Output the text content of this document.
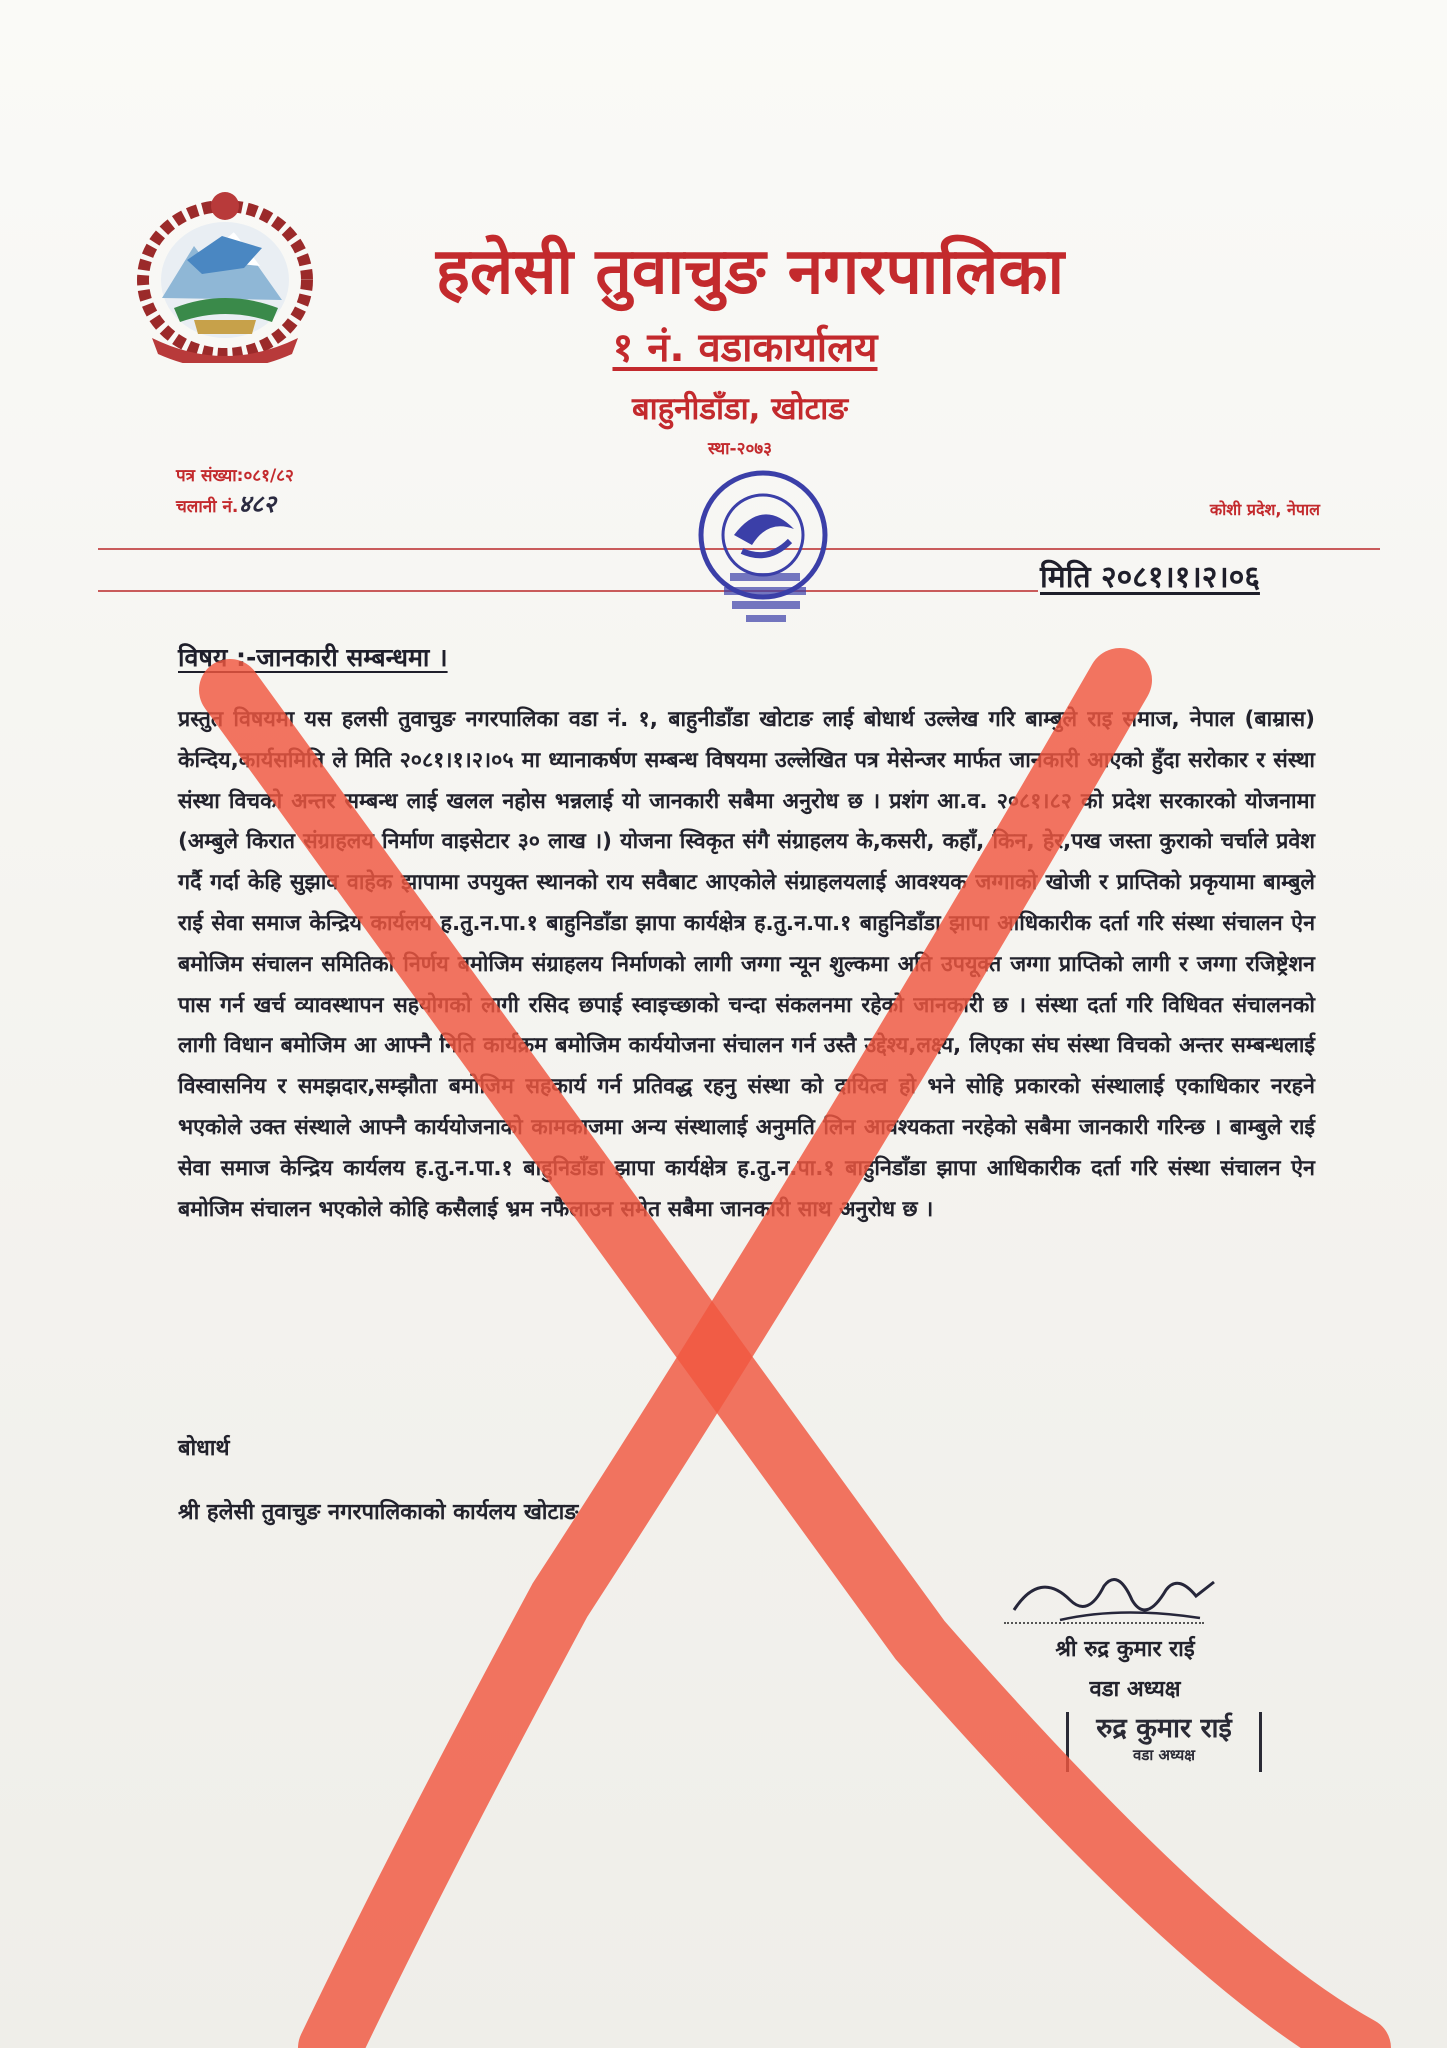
हलेसी तुवाचुङ नगरपालिका
१ नं. वडाकार्यालय
बाहुनीडाँडा, खोटाङ
स्था-२०७३
पत्र संख्या:०८१/८२
चलानी नं.४८२	कोशी प्रदेश, नेपाल
मिति २०८१।१।२।०६
विषय :-जानकारी सम्बन्धमा ।

प्रस्तुत विषयमा यस हलसी तुवाचुङ नगरपालिका वडा नं. १, बाहुनीडाँडा खोटाङ लाई बोधार्थ उल्लेख गरि बाम्बुले राइ समाज, नेपाल (बाम्रास) केन्दिय,कार्यसमिति ले मिति २०८१।१।२।०५ मा ध्यानाकर्षण सम्बन्ध विषयमा उल्लेखित पत्र मेसेन्जर मार्फत जानकारी आएको हुँदा सरोकार र संस्था संस्था विचको अन्तर सम्बन्ध लाई खलल नहोस भन्नलाई यो जानकारी सबैमा अनुरोध छ । प्रशंग आ.व. २०८१।८२ को प्रदेश सरकारको योजनामा (अम्बुले किरात संग्राहलय निर्माण वाइसेटार ३० लाख ।) योजना स्विकृत संगै संग्राहलय के,कसरी, कहाँ, किन, हेर,पख जस्ता कुराको चर्चाले प्रवेश गर्दै गर्दा केहि सुझाव वाहेक झापामा उपयुक्त स्थानको राय सवैबाट आएकोले संग्राहलयलाई आवश्यक जग्गाको खोजी र प्राप्तिको प्रकृयामा बाम्बुले राई सेवा समाज केन्द्रिय कार्यलय ह.तु.न.पा.१ बाहुनिडाँडा झापा कार्यक्षेत्र ह.तु.न.पा.१ बाहुनिडाँडा झापा आधिकारीक दर्ता गरि संस्था संचालन ऐन बमोजिम संचालन समितिको निर्णय बमोजिम संग्राहलय निर्माणको लागी जग्गा न्यून शुल्कमा अति उपयूक्त जग्गा प्राप्तिको लागी र जग्गा रजिष्ट्रेशन पास गर्न खर्च व्यावस्थापन सहयोगको लागी रसिद छपाई स्वाइच्छाको चन्दा संकलनमा रहेको जानकारी छ । संस्था दर्ता गरि विधिवत संचालनको लागी विधान बमोजिम आ आफ्नै निति कार्यक्रम बमोजिम कार्ययोजना संचालन गर्न उस्तै उद्देश्य,लक्ष्य, लिएका संघ संस्था विचको अन्तर सम्बन्धलाई विस्वासनिय र समझदार,सम्झौता बमोजिम सहकार्य गर्न प्रतिवद्ध रहनु संस्था को दायित्व हो भने सोहि प्रकारको संस्थालाई एकाधिकार नरहने भएकोले उक्त संस्थाले आफ्नै कार्ययोजनाको कामकाजमा अन्य संस्थालाई अनुमति लिन आवश्यकता नरहेको सबैमा जानकारी गरिन्छ । बाम्बुले राई सेवा समाज केन्द्रिय कार्यलय ह.तु.न.पा.१ बाहुनिडाँडा झापा कार्यक्षेत्र ह.तु.न.पा.१ बाहुनिडाँडा झापा आधिकारीक दर्ता गरि संस्था संचालन ऐन बमोजिम संचालन भएकोले कोहि कसैलाई भ्रम नफैलाउन समेत सबैमा जानकारी साथ अनुरोध छ ।

बोधार्थ
श्री हलेसी तुवाचुङ नगरपालिकाको कार्यलय खोटाङ
श्री रुद्र कुमार राई
वडा अध्यक्ष
रुद्र कुमार राई
वडा अध्यक्ष
